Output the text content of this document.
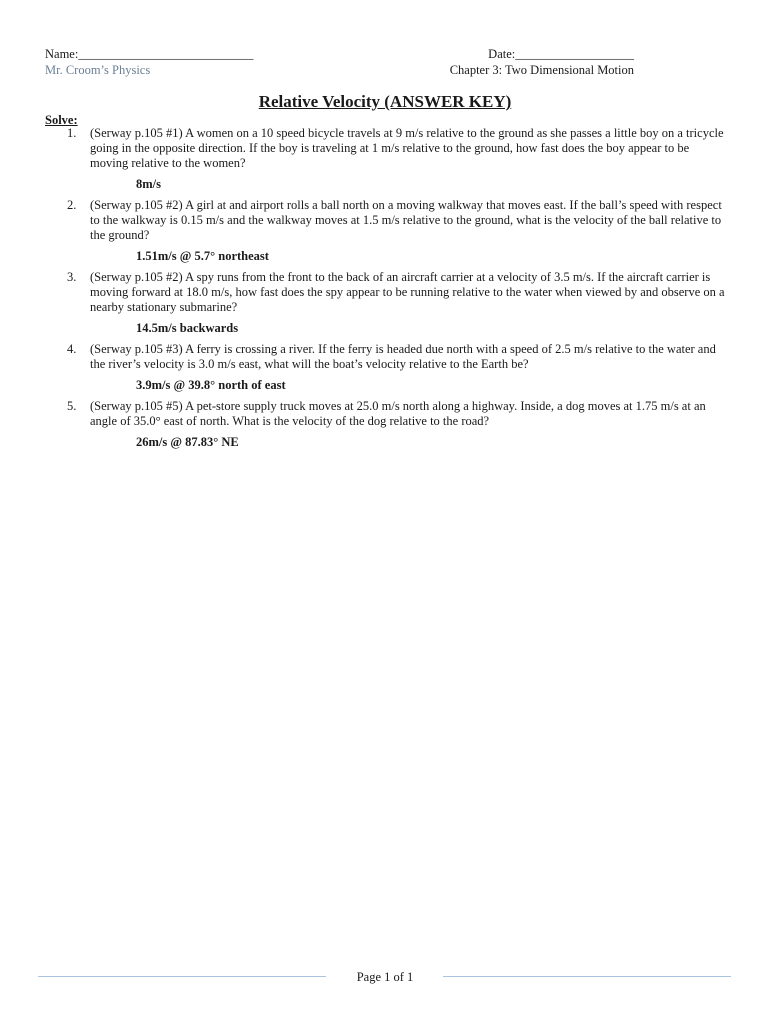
Name:____________________________
Mr. Croom’s Physics
Date:___________________
Chapter 3: Two Dimensional Motion
Relative Velocity (ANSWER KEY)
Solve:
1. (Serway p.105 #1) A women on a 10 speed bicycle travels at 9 m/s relative to the ground as she passes a little boy on a tricycle going in the opposite direction. If the boy is traveling at 1 m/s relative to the ground, how fast does the boy appear to be moving relative to the women?
8m/s
2. (Serway p.105 #2) A girl at and airport rolls a ball north on a moving walkway that moves east. If the ball’s speed with respect to the walkway is 0.15 m/s and the walkway moves at 1.5 m/s relative to the ground, what is the velocity of the ball relative to the ground?
1.51m/s @ 5.7° northeast
3. (Serway p.105 #2) A spy runs from the front to the back of an aircraft carrier at a velocity of 3.5 m/s. If the aircraft carrier is moving forward at 18.0 m/s, how fast does the spy appear to be running relative to the water when viewed by and observe on a nearby stationary submarine?
14.5m/s backwards
4. (Serway p.105 #3) A ferry is crossing a river. If the ferry is headed due north with a speed of 2.5 m/s relative to the water and the river’s velocity is 3.0 m/s east, what will the boat’s velocity relative to the Earth be?
3.9m/s @ 39.8° north of east
5. (Serway p.105 #5) A pet-store supply truck moves at 25.0 m/s north along a highway. Inside, a dog moves at 1.75 m/s at an angle of 35.0° east of north. What is the velocity of the dog relative to the road?
26m/s @ 87.83° NE
Page 1 of 1
